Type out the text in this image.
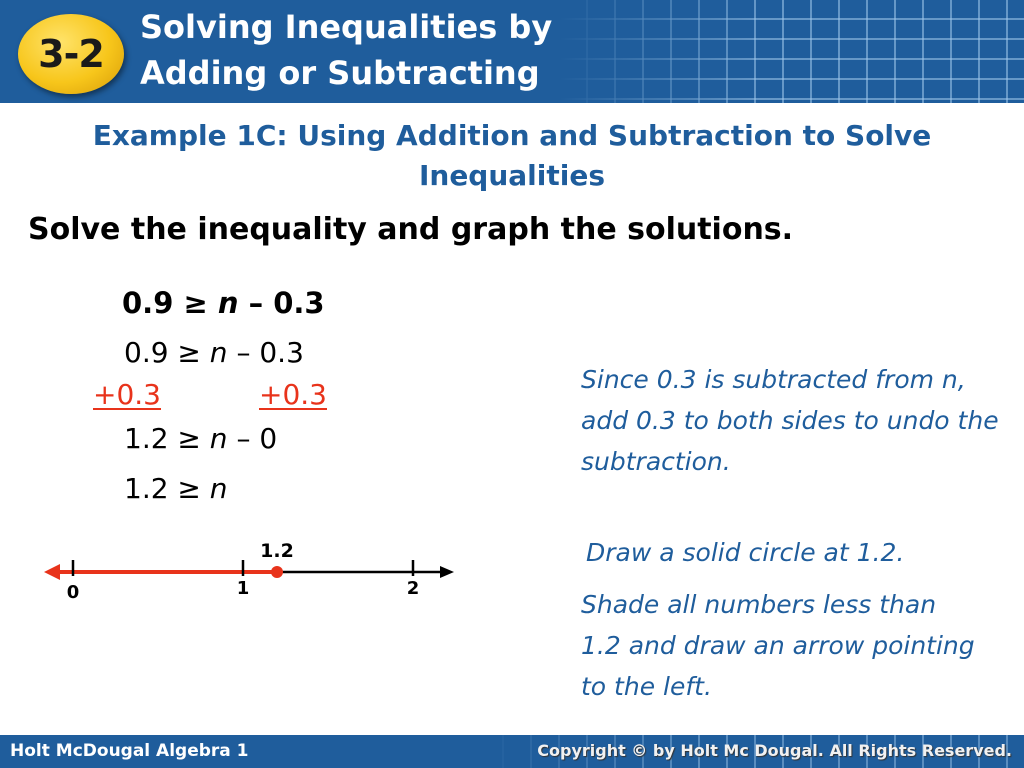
3-2
Solving Inequalities by
Adding or Subtracting
Example 1C: Using Addition and Subtraction to Solve
Inequalities
Solve the inequality and graph the solutions.
0.9 ≥ n – 0.3
0.9 ≥ n – 0.3
+0.3	+0.3
1.2 ≥ n – 0
1.2 ≥ n
Since 0.3 is subtracted from n, add 0.3 to both sides to undo the subtraction.
Draw a solid circle at 1.2.
Shade all numbers less than 1.2 and draw an arrow pointing to the left.
0	1	2
1.2
Holt McDougal Algebra 1	Copyright © by Holt Mc Dougal. All Rights Reserved.
